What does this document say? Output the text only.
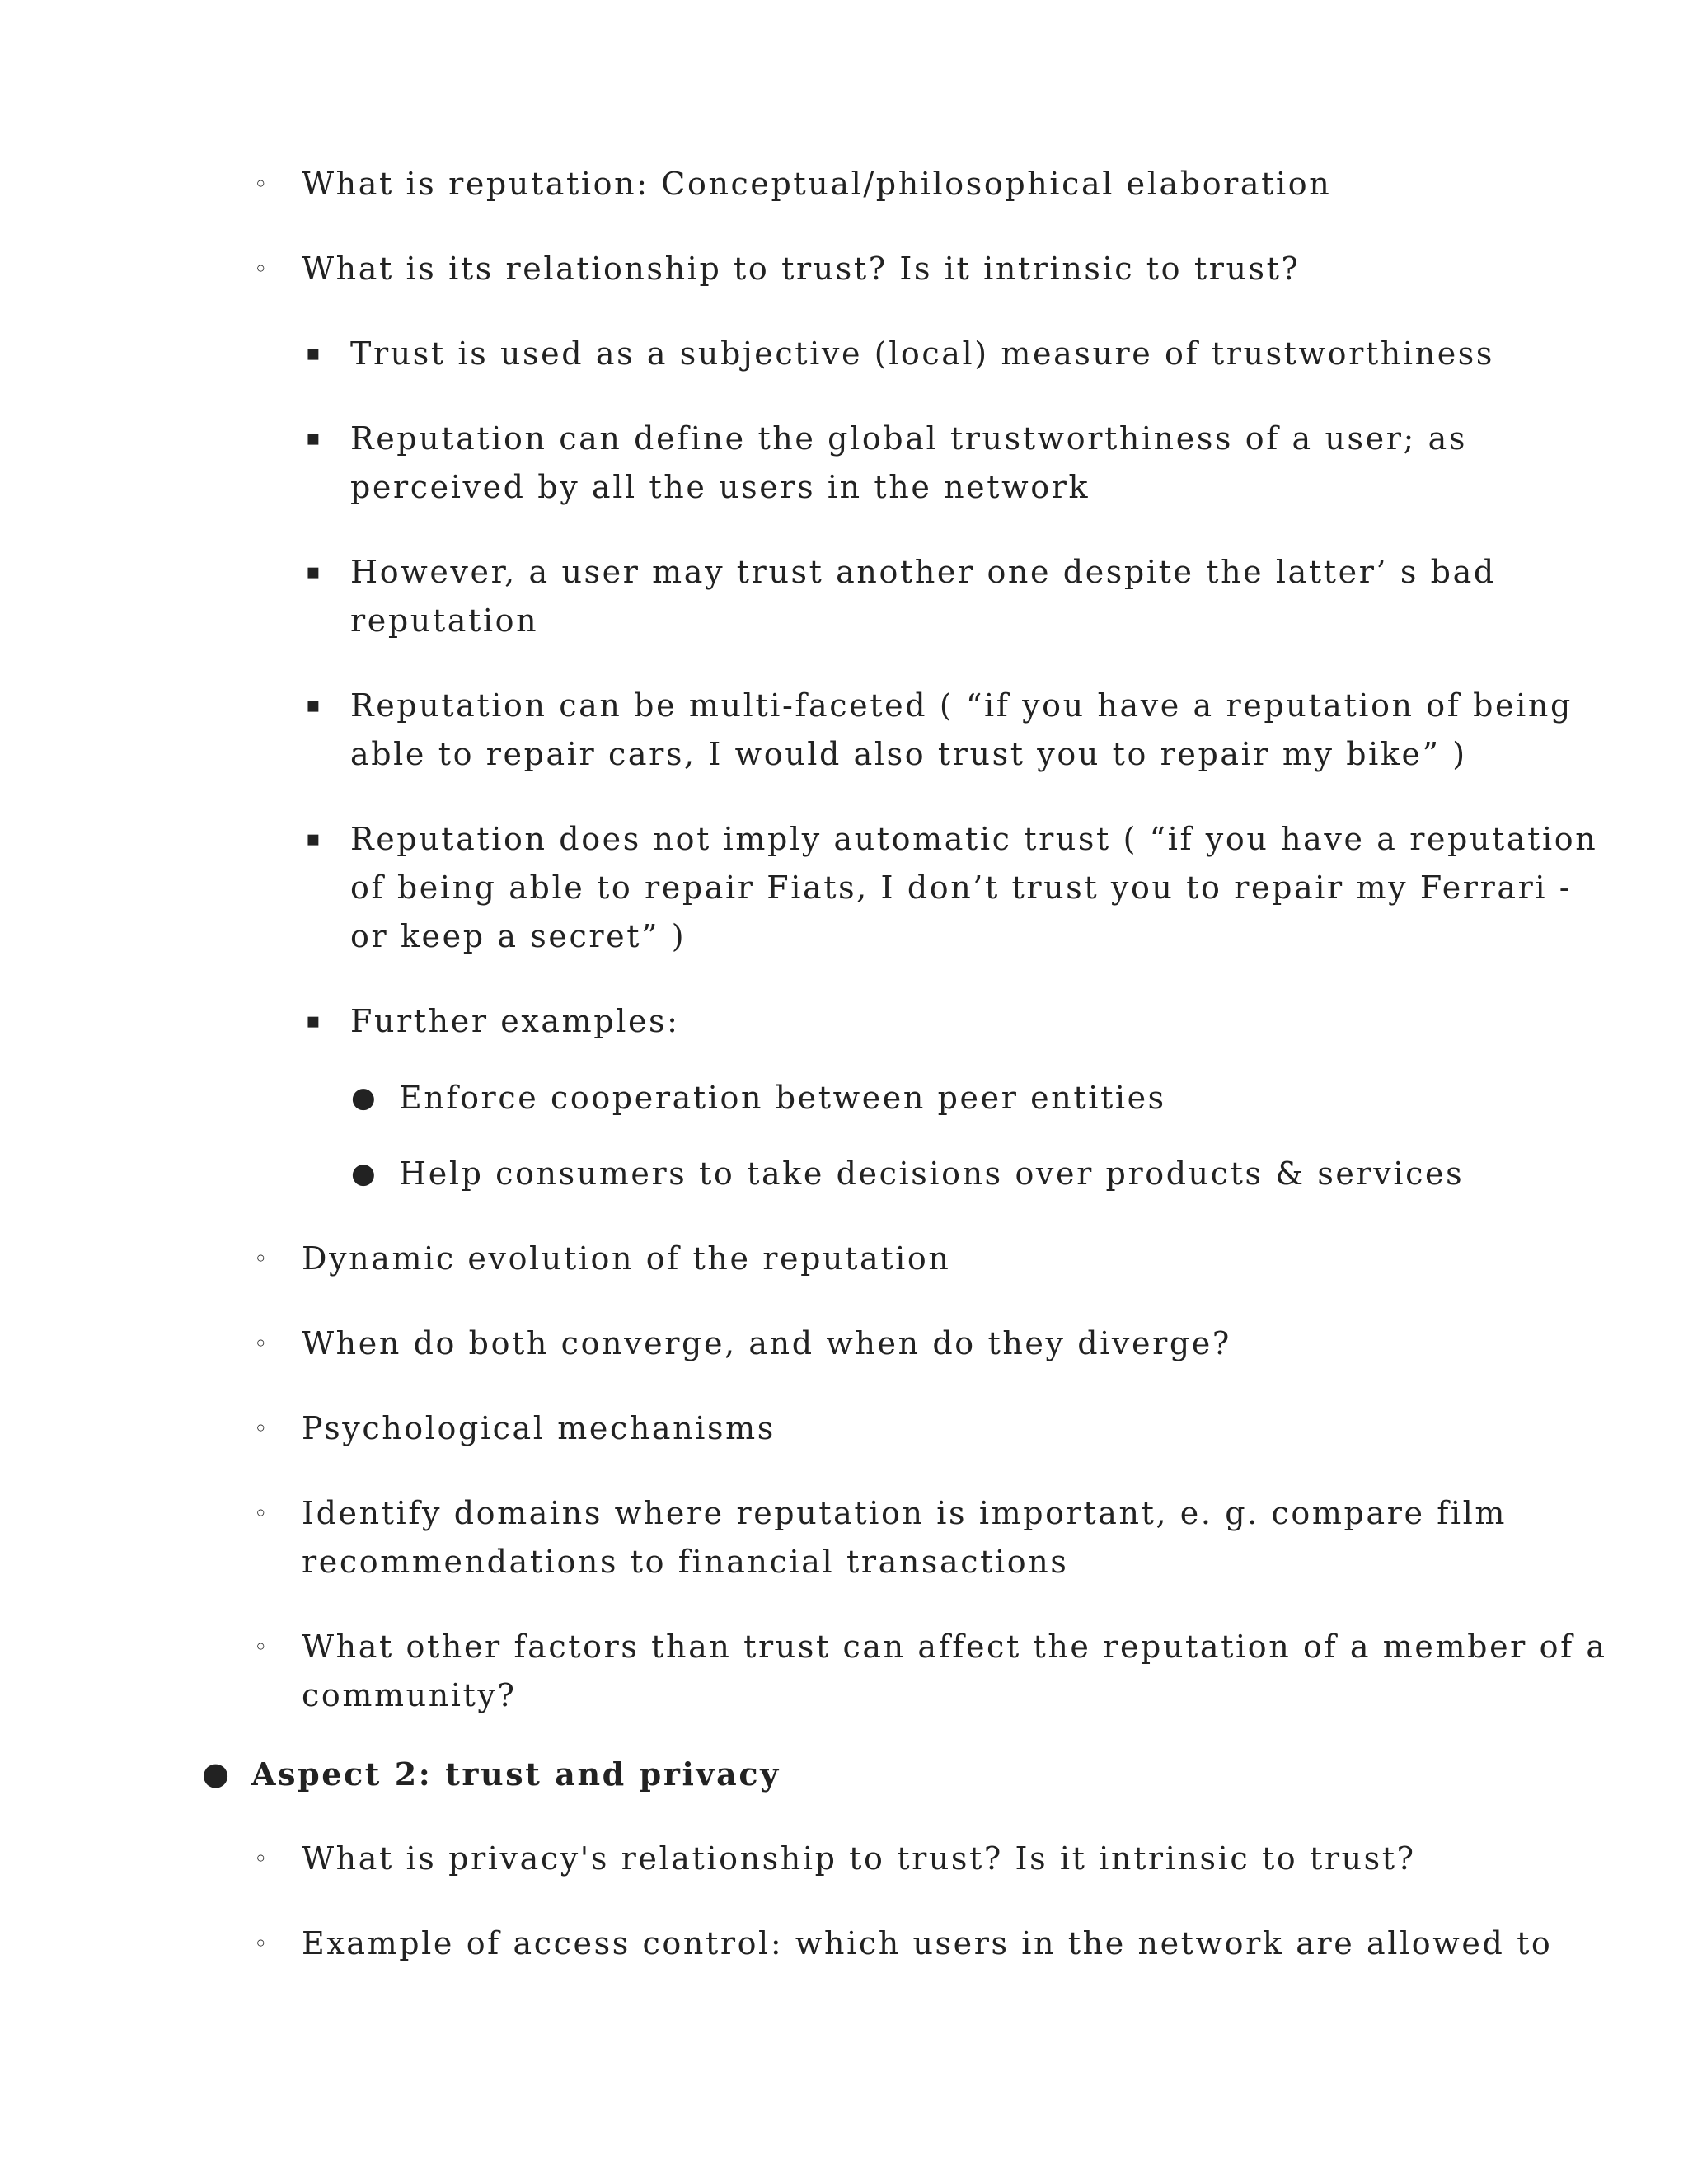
◦ What is reputation: Conceptual/philosophical elaboration
◦ What is its relationship to trust? Is it intrinsic to trust?
▪ Trust is used as a subjective (local) measure of trustworthiness
▪ Reputation can define the global trustworthiness of a user; as
perceived by all the users in the network
▪ However, a user may trust another one despite the latter’ s bad
reputation
▪ Reputation can be multi-faceted ( “if you have a reputation of being
able to repair cars, I would also trust you to repair my bike” )
▪ Reputation does not imply automatic trust ( “if you have a reputation
of being able to repair Fiats, I don’t trust you to repair my Ferrari -
or keep a secret” )
▪ Further examples:
● Enforce cooperation between peer entities
● Help consumers to take decisions over products & services
◦ Dynamic evolution of the reputation
◦ When do both converge, and when do they diverge?
◦ Psychological mechanisms
◦ Identify domains where reputation is important, e. g. compare film
recommendations to financial transactions
◦ What other factors than trust can affect the reputation of a member of a
community?
● Aspect 2: trust and privacy
◦ What is privacy's relationship to trust? Is it intrinsic to trust?
◦ Example of access control: which users in the network are allowed to
